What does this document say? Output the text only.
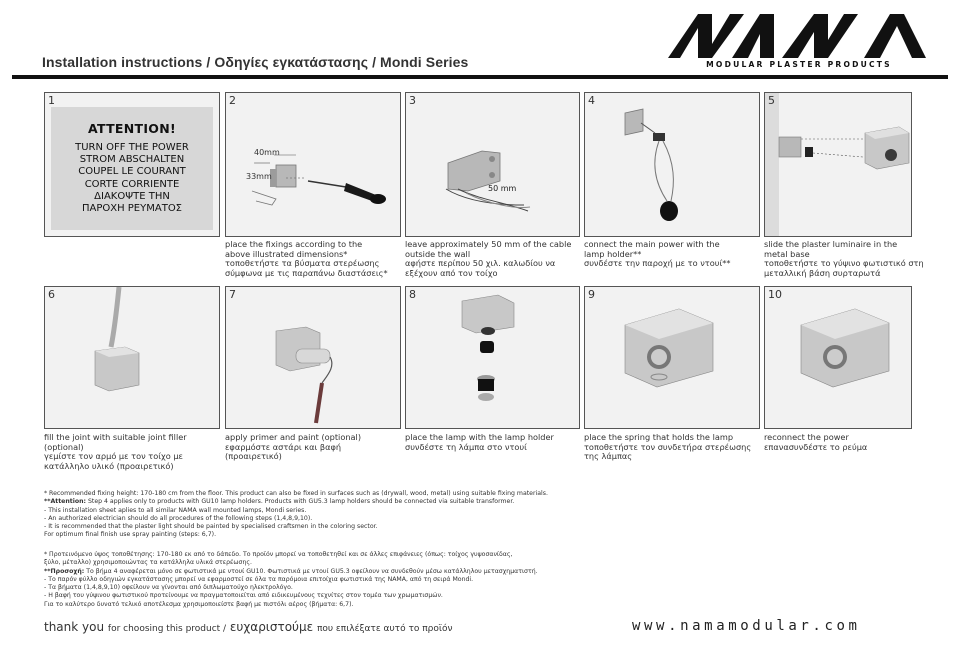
Installation instructions / Οδηγίες εγκατάστασης / Mondi Series	MODULAR PLASTER PRODUCTS
1
ATTENTION!
TURN OFF THE POWER
STROM ABSCHALTEN
COUPEL LE COURANT
CORTE CORRIENTE
ΔΙΑΚΟΨΤΕ ΤΗΝ
ΠΑΡΟΧΗ ΡΕΥΜΑΤΟΣ
2
33mm
40mm
3
50 mm
4	5
place the fixings according to the
above illustrated dimensions*
τοποθετήστε τα βύσματα στερέωσης
σύμφωνα με τις παραπάνω διαστάσεις*
leave approximately 50 mm of the cable
outside the wall
αφήστε περίπου 50 χιλ. καλωδίου να
εξέχουν από τον τοίχο
connect the main power with the
lamp holder**
συνδέστε την παροχή με το ντουί**
slide the plaster luminaire in the
metal base
τοποθετήστε το γύψινο φωτιστικό στη
μεταλλική βάση συρταρωτά
6	7	8	9	10
fill the joint with suitable joint filler
(optional)
γεμίστε τον αρμό με τον τοίχο με
κατάλληλο υλικό (προαιρετικό)
apply primer and paint (optional)
εφαρμόστε αστάρι και βαφή
(προαιρετικό)
place the lamp with the lamp holder
συνδέστε τη λάμπα στο ντουί
place the spring that holds the lamp
τοποθετήστε τον συνδετήρα στερέωσης
της λάμπας
reconnect the power
επανασυνδέστε το ρεύμα
* Recommended fixing height: 170-180 cm from the floor. This product can also be fixed in surfaces such as (drywall, wood, metal) using suitable fixing materials.
**Attention: Step 4 applies only to products with GU10 lamp holders. Products with GU5.3 lamp holders should be connected via suitable transformer.
- This installation sheet aplies to all similar NAMA wall mounted lamps, Mondi series.
- An authorized electrician should do all procedures of the following steps (1,4,8,9,10).
- It is recommended that the plaster light should be painted by specialised craftsmen in the coloring sector.
For optimum final finish use spray painting (steps: 6,7).
* Προτεινόμενο ύψος τοποθέτησης: 170-180 εκ από το δάπεδο. Το προϊόν μπορεί να τοποθετηθεί και σε άλλες επιφάνειες (όπως: τοίχος γυψοσανίδας,
ξύλο, μέταλλο) χρησιμοποιώντας τα κατάλληλα υλικά στερέωσης.
**Προσοχή: Το βήμα 4 αναφέρεται μόνο σε φωτιστικά με ντουί GU10. Φωτιστικά με ντουί GU5.3 οφείλουν να συνδεθούν μέσω κατάλληλου μετασχηματιστή.
- Το παρόν φύλλο οδηγιών εγκατάστασης μπορεί να εφαρμοστεί σε όλα τα παρόμοια επιτοίχια φωτιστικά της NAMA, από τη σειρά Mondi.
- Τα βήματα (1,4,8,9,10) οφείλουν να γίνονται από διπλωματούχο ηλεκτρολόγο.
- Η βαφή του γύψινου φωτιστικού προτείνουμε να πραγματοποιείται από ειδικευμένους τεχνίτες στον τομέα των χρωματισμών.
Για το καλύτερο δυνατό τελικό αποτέλεσμα χρησιμοποιείστε βαφή με πιστόλι αέρος (βήματα: 6,7).
thank you for choosing this product / ευχαριστούμε που επιλέξατε αυτό το προϊόν	www.namamodular.com
